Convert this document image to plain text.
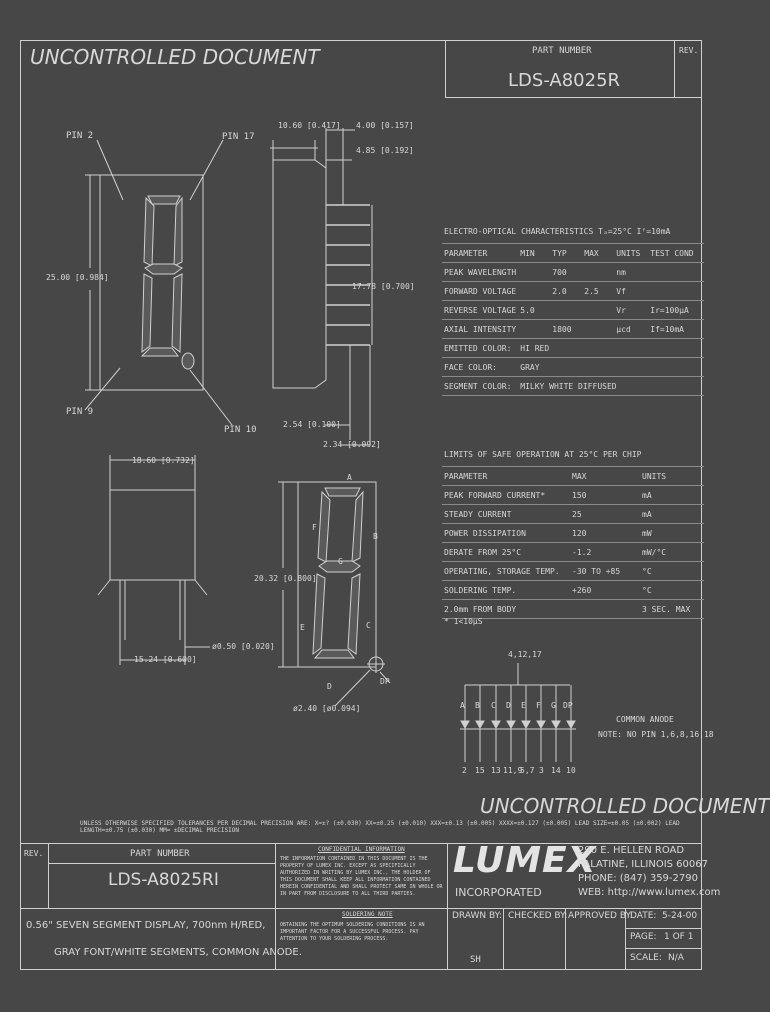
UNCONTROLLED DOCUMENT	PART NUMBER
LDS-A8025R
REV.
PIN 2	PIN 17
PIN 9
PIN 10
25.00 [0.984]
10.60 [0.417] 4.00 [0.157]
4.85 [0.192]
17.78 [0.700]
2.54 [0.100]
2.34 [0.092]
18.60 [0.732]
ø0.50 [0.020]
15.24 [0.600]
20.32 [0.800]
A
B
C
D
E
F
G
DP
ø2.40 [ø0.094]
ELECTRO-OPTICAL CHARACTERISTICS Tₐ=25°C Iᶠ=10mA
PARAMETER	MIN	TYP	MAX	UNITS	TEST COND
PEAK WAVELENGTH		700		nm	
FORWARD VOLTAGE		2.0	2.5	Vf	
REVERSE VOLTAGE	5.0			Vr	Ir=100µA
AXIAL INTENSITY		1800		µcd	If=10mA
EMITTED COLOR:	HI RED				
FACE COLOR:	GRAY				
SEGMENT COLOR:	MILKY WHITE DIFFUSED				
LIMITS OF SAFE OPERATION AT 25°C PER CHIP
PARAMETER	MAX	UNITS
PEAK FORWARD CURRENT*	150	mA
STEADY CURRENT	25	mA
POWER DISSIPATION	120	mW
DERATE FROM 25°C	-1.2	mW/°C
OPERATING, STORAGE TEMP.	-30 TO +85	°C
SOLDERING TEMP.	+260	°C
2.0mm FROM BODY		3 SEC. MAX
* 1<10µS
4,12,17
A B C D E F G DP
2 15 13 11,9
5,7 3 14 10
COMMON ANODE
NOTE: NO PIN 1,6,8,16,18
UNCONTROLLED DOCUMENT
UNLESS OTHERWISE SPECIFIED TOLERANCES PER DECIMAL PRECISION ARE: X=±? (±0.030) XX=±0.25 (±0.010) XXX=±0.13 (±0.005) XXXX=±0.127 (±0.005) LEAD SIZE=±0.05 (±0.002) LEAD LENGTH=±0.75 (±0.030) MM= ±DECIMAL PRECISION
REV.	PART NUMBER
LDS-A8025RI
CONFIDENTIAL INFORMATION
THE INFORMATION CONTAINED IN THIS DOCUMENT IS THE PROPERTY OF LUMEX INC. EXCEPT AS SPECIFICALLY AUTHORIZED IN WRITING BY LUMEX INC., THE HOLDER OF THIS DOCUMENT SHALL KEEP ALL INFORMATION CONTAINED HEREIN CONFIDENTIAL AND SHALL PROTECT SAME IN WHOLE OR IN PART FROM DISCLOSURE TO ALL THIRD PARTIES.
LUMEX
INCORPORATED
290 E. HELLEN ROAD
PALATINE, ILLINOIS 60067
PHONE: (847) 359-2790
WEB: http://www.lumex.com
0.56" SEVEN SEGMENT DISPLAY, 700nm H/RED,
GRAY FONT/WHITE SEGMENTS, COMMON ANODE.
SOLDERING NOTE
OBTAINING THE OPTIMUM SOLDERING CONDITIONS IS AN IMPORTANT FACTOR FOR A SUCCESSFUL PROCESS. PAY ATTENTION TO YOUR SOLDERING PROCESS.
DRAWN BY:
SH
CHECKED BY: APPROVED BY:
DATE: 5-24-00
PAGE: 1 OF 1
SCALE: N/A
